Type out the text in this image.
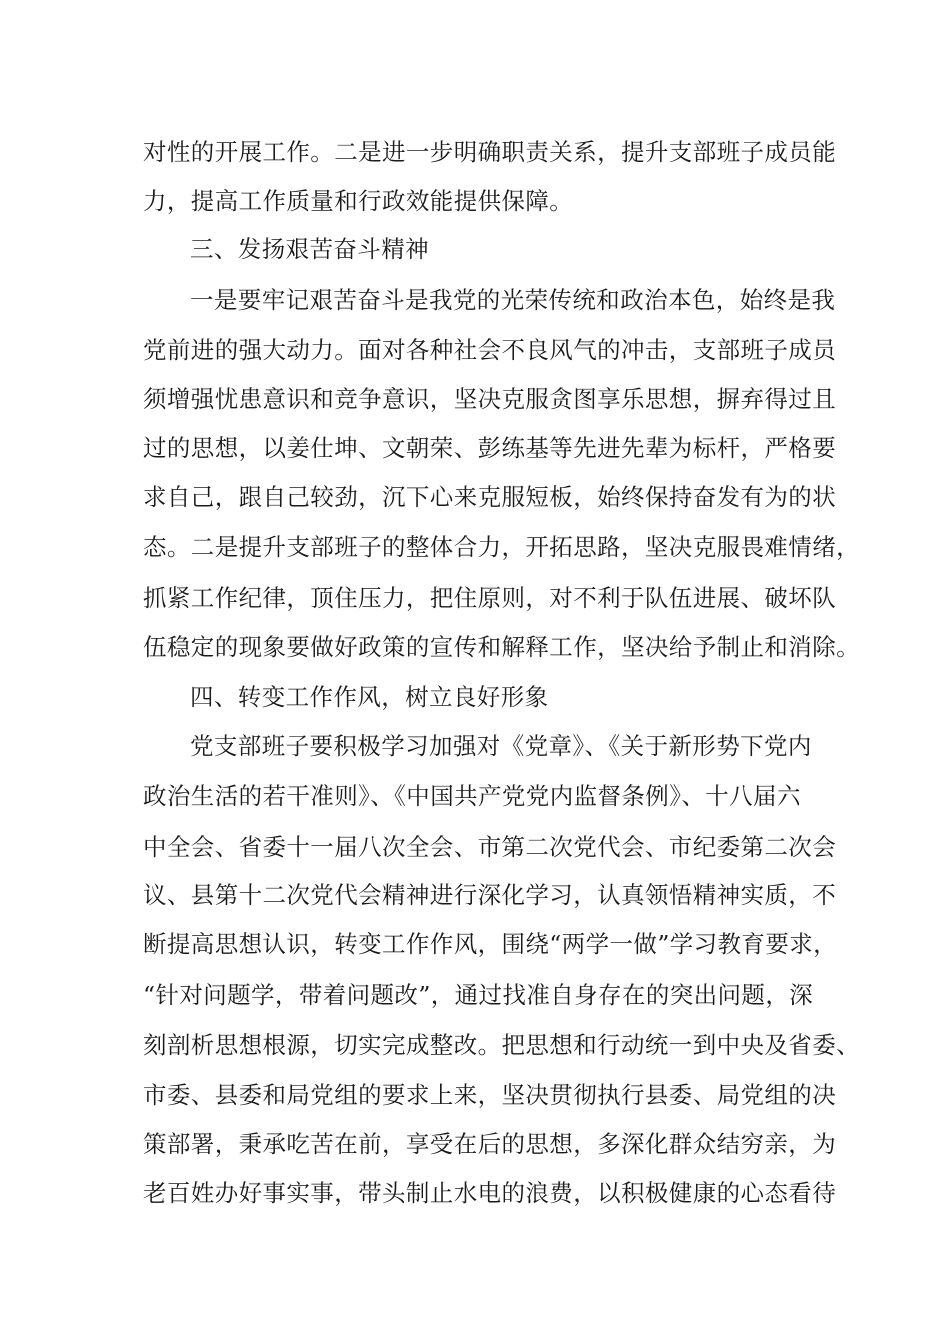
对性的开展工作。二是进一步明确职责关系，提升支部班子成员能
力，提高工作质量和行政效能提供保障。
三、发扬艰苦奋斗精神
一是要牢记艰苦奋斗是我党的光荣传统和政治本色，始终是我
党前进的强大动力。面对各种社会不良风气的冲击，支部班子成员
须增强忧患意识和竞争意识，坚决克服贪图享乐思想，摒弃得过且
过的思想，以姜仕坤、文朝荣、彭练基等先进先辈为标杆，严格要
求自己，跟自己较劲，沉下心来克服短板，始终保持奋发有为的状
态。二是提升支部班子的整体合力，开拓思路，坚决克服畏难情绪，
抓紧工作纪律，顶住压力，把住原则，对不利于队伍进展、破坏队
伍稳定的现象要做好政策的宣传和解释工作，坚决给予制止和消除。
四、转变工作作风，树立良好形象
党支部班子要积极学习加强对《党章》、《关于新形势下党内
政治生活的若干准则》、《中国共产党党内监督条例》、十八届六
中全会、省委十一届八次全会、市第二次党代会、市纪委第二次会
议、县第十二次党代会精神进行深化学习，认真领悟精神实质，不
断提高思想认识，转变工作作风，围绕“两学一做”学习教育要求，
“针对问题学，带着问题改”，通过找准自身存在的突出问题，深
刻剖析思想根源，切实完成整改。把思想和行动统一到中央及省委、
市委、县委和局党组的要求上来，坚决贯彻执行县委、局党组的决
策部署，秉承吃苦在前，享受在后的思想，多深化群众结穷亲，为
老百姓办好事实事，带头制止水电的浪费，以积极健康的心态看待
